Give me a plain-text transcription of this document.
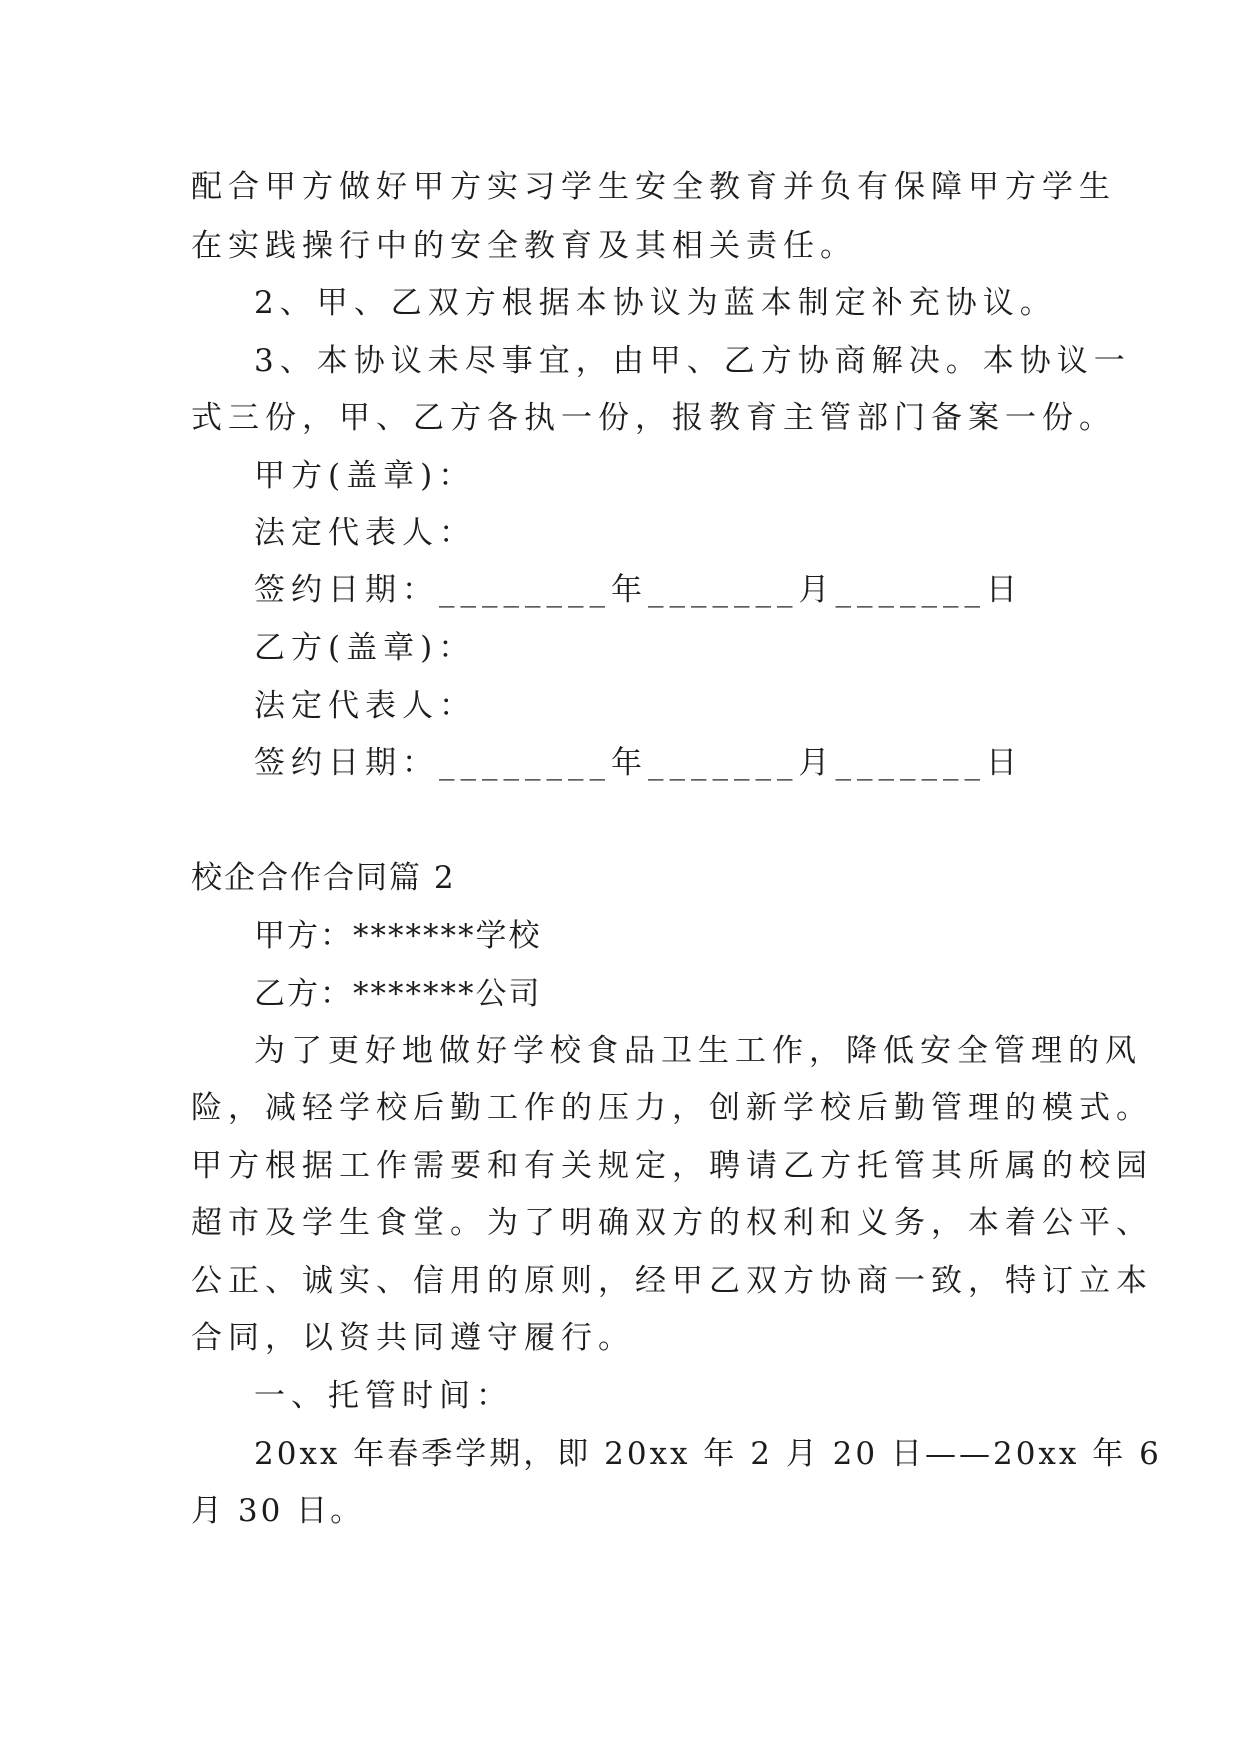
配合甲方做好甲方实习学生安全教育并负有保障甲方学生

在实践操行中的安全教育及其相关责任。

2、甲、乙双方根据本协议为蓝本制定补充协议。

3、本协议未尽事宜，由甲、乙方协商解决。本协议一

式三份，甲、乙方各执一份，报教育主管部门备案一份。

甲方(盖章)：

法定代表人：

签约日期：________年_______月_______日

乙方(盖章)：

法定代表人：

签约日期：________年_______月_______日

校企合作合同篇 2

甲方：*******学校

乙方：*******公司

为了更好地做好学校食品卫生工作，降低安全管理的风

险，减轻学校后勤工作的压力，创新学校后勤管理的模式。

甲方根据工作需要和有关规定，聘请乙方托管其所属的校园

超市及学生食堂。为了明确双方的权利和义务，本着公平、

公正、诚实、信用的原则，经甲乙双方协商一致，特订立本

合同，以资共同遵守履行。

一、托管时间：

20xx 年春季学期，即 20xx 年 2 月 20 日——20xx 年 6

月 30 日。
